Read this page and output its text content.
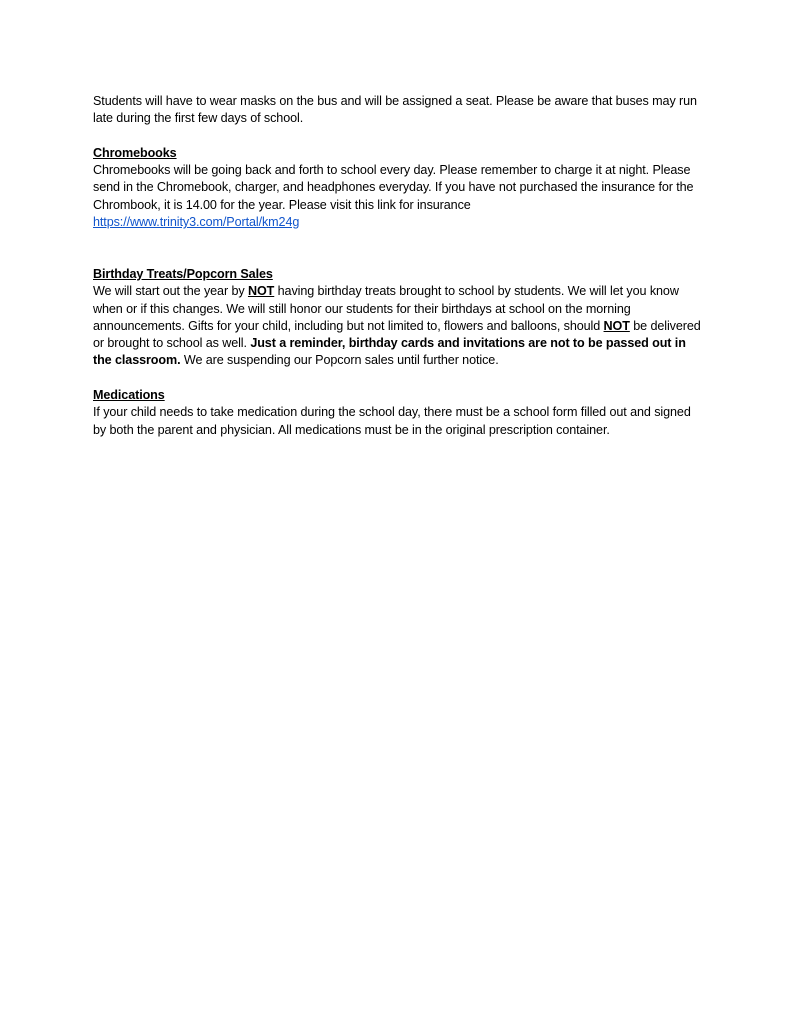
Students will have to wear masks on the bus and will be assigned a seat. Please be aware that buses may run late during the first few days of school.

Chromebooks

Chromebooks will be going back and forth to school every day. Please remember to charge it at night. Please send in the Chromebook, charger, and headphones everyday. If you have not purchased the insurance for the Chrombook, it is 14.00 for the year. Please visit this link for insurance
https://www.trinity3.com/Portal/km24g

Birthday Treats/Popcorn Sales

We will start out the year by NOT having birthday treats brought to school by students. We will let you know when or if this changes. We will still honor our students for their birthdays at school on the morning announcements. Gifts for your child, including but not limited to, flowers and balloons, should NOT be delivered or brought to school as well. Just a reminder, birthday cards and invitations are not to be passed out in the classroom. We are suspending our Popcorn sales until further notice.

Medications

If your child needs to take medication during the school day, there must be a school form filled out and signed by both the parent and physician. All medications must be in the original prescription container.
